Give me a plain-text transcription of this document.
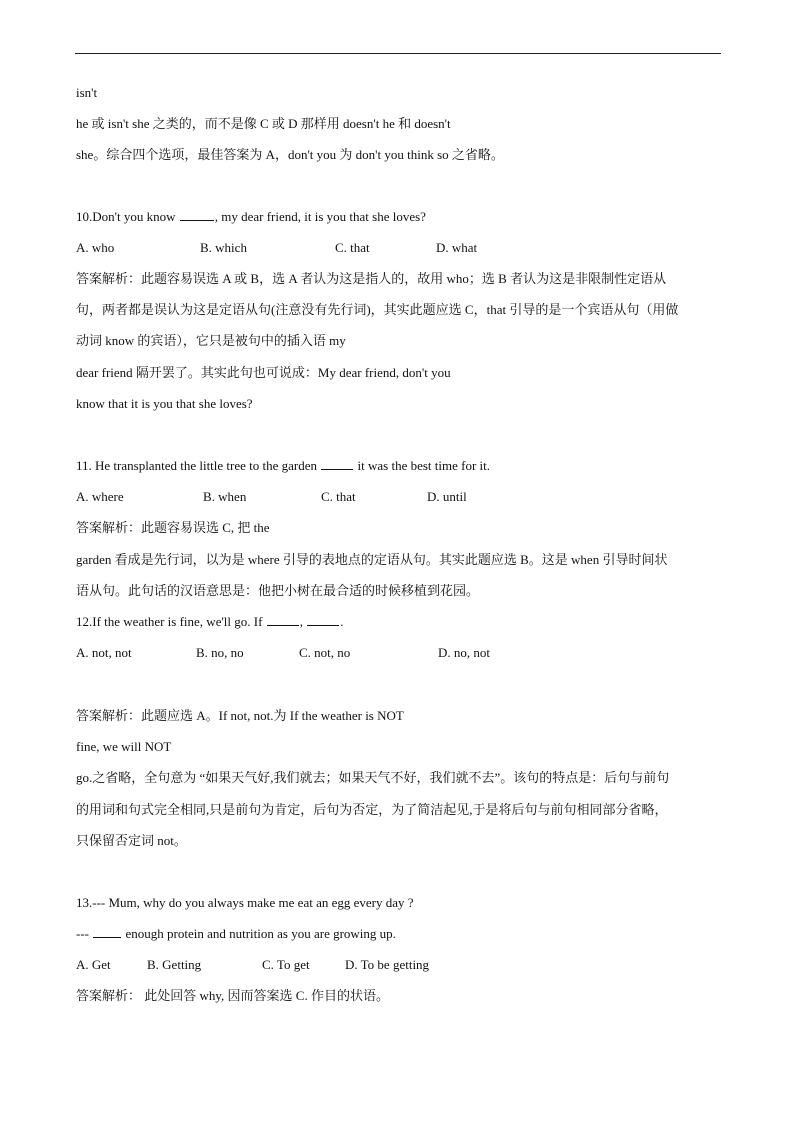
isn't
he 或 isn't she 之类的，而不是像 C 或 D 那样用 doesn't he 和 doesn't
she。综合四个选项，最佳答案为 A，don't you 为 don't you think so 之省略。
10.Don't you know	, my dear friend, it is you that she loves?
A. who	B. which	C. that	D. what
答案解析：此题容易误选 A 或 B，选 A 者认为这是指人的，故用 who；选 B 者认为这是非限制性定语从
句，两者都是误认为这是定语从句(注意没有先行词)，其实此题应选 C，that 引导的是一个宾语从句（用做
动词 know 的宾语），它只是被句中的插入语 my
dear friend 隔开罢了。其实此句也可说成：My dear friend, don't you
know that it is you that she loves?
11. He transplanted the little tree to the garden	it was the best time for it.
A. where	B. when	C. that	D. until
答案解析：此题容易误选 C, 把 the
garden 看成是先行词，以为是 where 引导的表地点的定语从句。其实此题应选 B。这是 when 引导时间状
语从句。此句话的汉语意思是：他把小树在最合适的时候移植到花园。
12.If the weather is fine, we'll go. If	,	.
A. not, not	B. no, no	C. not, no	D. no, not
答案解析：此题应选 A。If not, not.为 If the weather is NOT
fine, we will NOT
go.之省略，全句意为 “如果天气好,我们就去；如果天气不好，我们就不去”。该句的特点是：后句与前句
的用词和句式完全相同,只是前句为肯定，后句为否定，为了简洁起见,于是将后句与前句相同部分省略，
只保留否定词 not。
13.--- Mum, why do you always make me eat an egg every day ?
---  enough protein and nutrition as you are growing up.
A. Get	B. Getting	C. To get	D. To be getting
答案解析： 此处回答 why, 因而答案选 C. 作目的状语。
